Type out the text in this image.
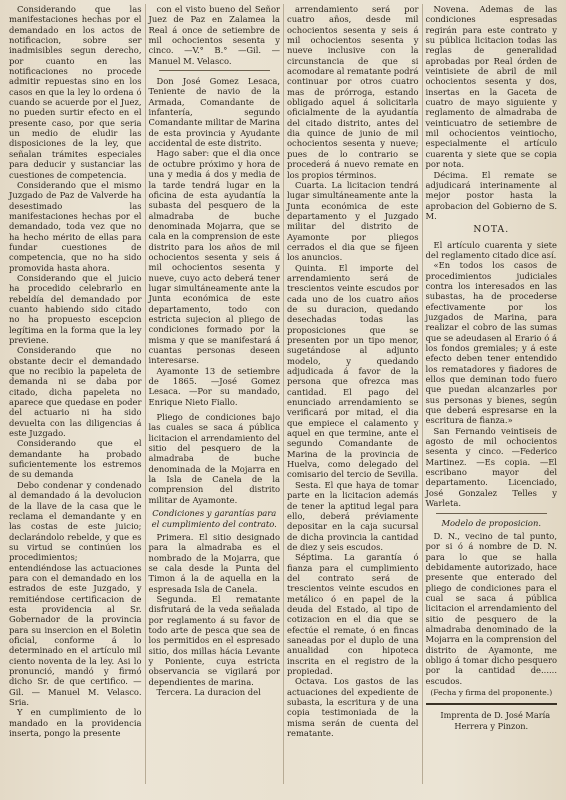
Considerando que las manifestaciones hechas por el demandado en los actos de notificacion, sobre ser inadmisibles segun derecho, por cuanto en las notificaciones no procede admitir repuestas sino en los casos en que la ley lo ordena ó cuando se acuerde por el Juez, no pueden surtir efecto en el presente caso, por que seria un medio de eludir las disposiciones de la ley, que señalan trámites especiales para deducir y sustanciar las cuestiones de competencia.

Considerando que el mismo Juzgado de Paz de Valverde ha desestimado las manifestaciones hechas por el demandado, toda vez que no ha hecho mérito de ellas para fundar cuestiones de competencia, que no ha sido promovida hasta ahora.

Considerando que el juicio ha procedido celebrarlo en rebeldía del demandado por cuanto habiendo sido citado no ha propuesto escepcion legítima en la forma que la ley previene.

Considerando que no obstante decir el demandado que no recibio la papeleta de demanda ni se daba por citado, dicha papeleta no aparece que quedase en poder del actuario ni ha sido devuelta con las diligencias á este Juzgado.

Considerando que el demandante ha probado suficientemente los estremos de su demanda

Debo condenar y condenado al demandado á la devolucion de la llave de la casa que le reclama el demandante y en las costas de este juicio; declarándolo rebelde, y que es su virtud se continúen los procedimientos; entendiéndose las actuaciones para con el demandado en los estrados de este Juzgado, y remitiéndose certificacion de esta providencia al Sr. Gobernador de la provincia para su insercion en el Boletin oficial, conforme á lo determinado en el artículo mil ciento noventa de la ley. Asi lo pronunció, mandó y firmó dicho Sr. de que certifico. — Gil. — Manuel M. Velasco. Sria.

Y en cumplimiento de lo mandado en la providencia inserta, pongo la presente

con el visto bueno del Señor Juez de Paz en Zalamea la Real á once de setiembre de mil ochocientos sesenta y cinco. —V.° B.° —Gil. —Manuel M. Velasco.

Don José Gomez Lesaca, Teniente de navio de la Armada, Comandante de infantería, segundo Comandante militar de Marina de esta provincia y Ayudante accidental de este distrito.

Hago saber: que el dia once de octubre próximo y hora de una y media á dos y media de la tarde tendrá lugar en la oficina de esta ayudantía la subasta del pesquero de la almadraba de buche denominada Mojarra, que se cala en la comprension de este distrito para los años de mil ochocientos sesenta y seis á mil ochocientos sesenta y nueve, cuyo acto deberá tener lugar simultáneamente ante la Junta económica de este departamento, todo con estricta sujecion al pliego de condiciones formado por la misma y que se manifestará á cuantas personas deseen interesarse.

Ayamonte 13 de setiembre de 1865. —José Gomez Lesaca. —Por su mandado, Enrique Nieto Fiallo.

Pliego de condiciones bajo las cuales se saca á pública licitacion el arrendamiento del sitio del pesquero de la almadraba de buche denominada de la Mojarra en la Isla de Canela de la comprension del distrito militar de Ayamonte.

Condiciones y garantías para el cumplimiento del contrato.

Primera. El sitio designado para la almadraba es el nombrado de la Mojarra, que se cala desde la Punta del Timon á la de aquella en la espresada Isla de Canela.

Segunda. El rematante disfrutará de la veda señalada por reglamento á su favor de todo arte de pesca que sea de los permitidos en el espresado sitio, dos millas hácia Levante y Poniente, cuya estricta observancia se vigilará por dependientes de marina.

Tercera. La duracion del

arrendamiento será por cuatro años, desde mil ochocientos sesenta y seis á mil ochocientos sesenta y nueve inclusive con la circunstancia de que si acomodare al rematante podrá continuar por otros cuatro mas de prórroga, estando obligado aquel á solicitarla oficialmente de la ayudantía del citado distrito, antes del dia quince de junio de mil ochocientos sesenta y nueve; pues de lo contrario se procederá á nuevo remate en los propios términos.

Cuarta. La licitacion tendrá lugar simultáneamente ante la Junta económica de este departamento y el Juzgado militar del distrito de Ayamonte por pliegos cerrados el dia que se fijeen los anuncios.

Quinta. El importe del arrendamiento será de trescientos veinte escudos por cada uno de los cuatro años de su duracion, quedando desechadas todas las proposiciones que se presenten por un tipo menor, sugetándose al adjunto modelo, y quedando adjudicada á favor de la persona que ofrezca mas cantidad. El pago del enunciado arrendamiento se verificará por mitad, el dia que empiece el calamento y aquel en que termine, ante el segundo Comandante de Marina de la provincia de Huelva, como delegado del comisario del tercio de Sevilla.

Sesta. El que haya de tomar parte en la licitacion además de tener la aptitud legal para ello, deberá préviamente depositar en la caja sucursal de dicha provincia la cantidad de diez y seis escudos.

Séptima. La garantía ó fianza para el cumplimiento del contrato será de trescientos veinte escudos en metálico ó en papel de la deuda del Estado, al tipo de cotizacion en el dia que se efectúe el remate, ó en fincas saneadas por el duplo de una anualidad con hipoteca inscrita en el registro de la propiedad.

Octava. Los gastos de las actuaciones del expediente de subasta, la escritura y de una copia testimoniada de la misma serán de cuenta del rematante.

Novena. Ademas de las condiciones espresadas regirán para este contrato y su pública licitacion todas las reglas de generalidad aprobadas por Real órden de veintisiete de abril de mil ochocientos sesenta y dos, insertas en la Gaceta de cuatro de mayo siguiente y reglamento de almadraba de veinticuatro de setiembre de mil ochocientos veintiocho, especialmente el artículo cuarenta y siete que se copia por nota.

Décima. El remate se adjudicará interinamente al mejor postor hasta la aprobacion del Gobierno de S. M.

NOTA.

El artículo cuarenta y siete del reglamento citado dice así.

«En todos los casos de procedimientos judiciales contra los interesados en las subastas, ha de procederse efectivamente por los juzgados de Marina, para realizar el cobro de las sumas que se adeudasen al Erario ó á los fondos gremiales; y á este efecto deben tener entendido los rematadores y fiadores de ellos que deminan todo fuero que puedan alcanzarles por sus personas y bienes, según que deberá espresarse en la escritura de fianza.»

San Fernando veintiseis de agosto de mil ochocientos sesenta y cinco. —Federico Martinez. —Es copia. —El escribano mayor del departamento. Licenciado, José Gonzalez Telles y Warleta.

Modelo de proposicion.

D. N., vecino de tal punto, por si ó á nombre de D. N. para lo que se halla debidamente autorizado, hace presente que enterado del pliego de condiciones para el cual se saca á pública licitacion el arrendamiento del sitio de pesquero de la almadraba denominado de la Mojarra en la comprension del distrito de Ayamonte, me obligo á tomar dicho pesquero por la cantidad de...... escudos.

(Fecha y firma del proponente.)

Imprenta de D. José María Herrera y Pinzon.
